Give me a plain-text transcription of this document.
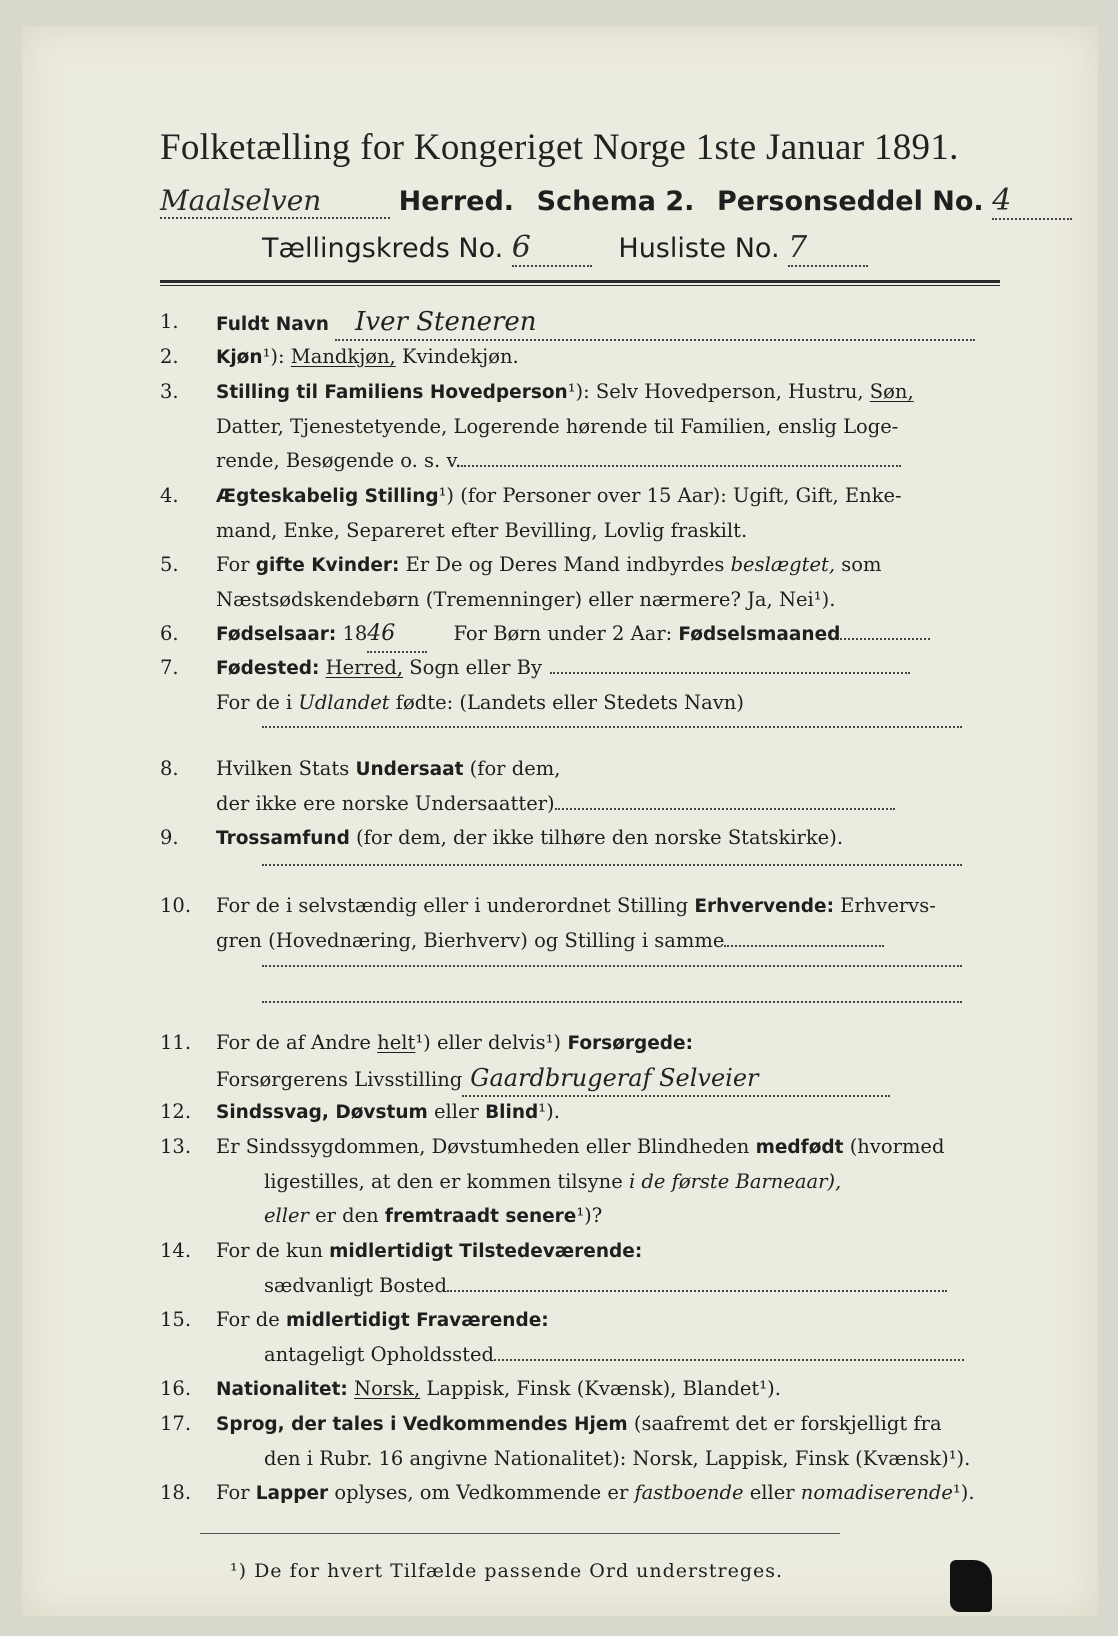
Folketælling for Kongeriget Norge 1ste Januar 1891.
Maalselven	Herred. Schema 2. Personseddel No. 4
Tællingskreds No. 6	Husliste No. 7
1.	Fuldt Navn Iver Steneren
2.	Kjøn¹): Mandkjøn, Kvindekjøn.
3.	Stilling til Familiens Hovedperson¹): Selv Hovedperson, Hustru, Søn,
Datter, Tjenestetyende, Logerende hørende til Familien, enslig Loge-
rende, Besøgende o. s. v.
4.	Ægteskabelig Stilling¹) (for Personer over 15 Aar): Ugift, Gift, Enke-
mand, Enke, Separeret efter Bevilling, Lovlig fraskilt.
5.	For gifte Kvinder: Er De og Deres Mand indbyrdes beslægtet, som
Næstsødskendebørn (Tremenninger) eller nærmere? Ja, Nei¹).
6.	Fødselsaar: 1846	For Børn under 2 Aar: Fødselsmaaned
7.	Fødested: Herred, Sogn eller By
For de i Udlandet fødte: (Landets eller Stedets Navn)
8.	Hvilken Stats Undersaat (for dem,
der ikke ere norske Undersaatter)
9.	Trossamfund (for dem, der ikke tilhøre den norske Statskirke).
10. For de i selvstændig eller i underordnet Stilling Erhvervende: Erhvervs-
gren (Hovednæring, Bierhverv) og Stilling i samme
11. For de af Andre helt¹) eller delvis¹) Forsørgede:
Forsørgerens Livsstilling Gaardbrugeraf Selveier
12. Sindssvag, Døvstum eller Blind¹).
13. Er Sindssygdommen, Døvstumheden eller Blindheden medfødt (hvormed
ligestilles, at den er kommen tilsyne i de første Barneaar),
eller er den fremtraadt senere¹)?
14. For de kun midlertidigt Tilstedeværende:
sædvanligt Bosted
15. For de midlertidigt Fraværende:
antageligt Opholdssted
16. Nationalitet: Norsk, Lappisk, Finsk (Kvænsk), Blandet¹).
17. Sprog, der tales i Vedkommendes Hjem (saafremt det er forskjelligt fra
den i Rubr. 16 angivne Nationalitet): Norsk, Lappisk, Finsk (Kvænsk)¹).
18. For Lapper oplyses, om Vedkommende er fastboende eller nomadiserende¹).
¹) De for hvert Tilfælde passende Ord understreges.
